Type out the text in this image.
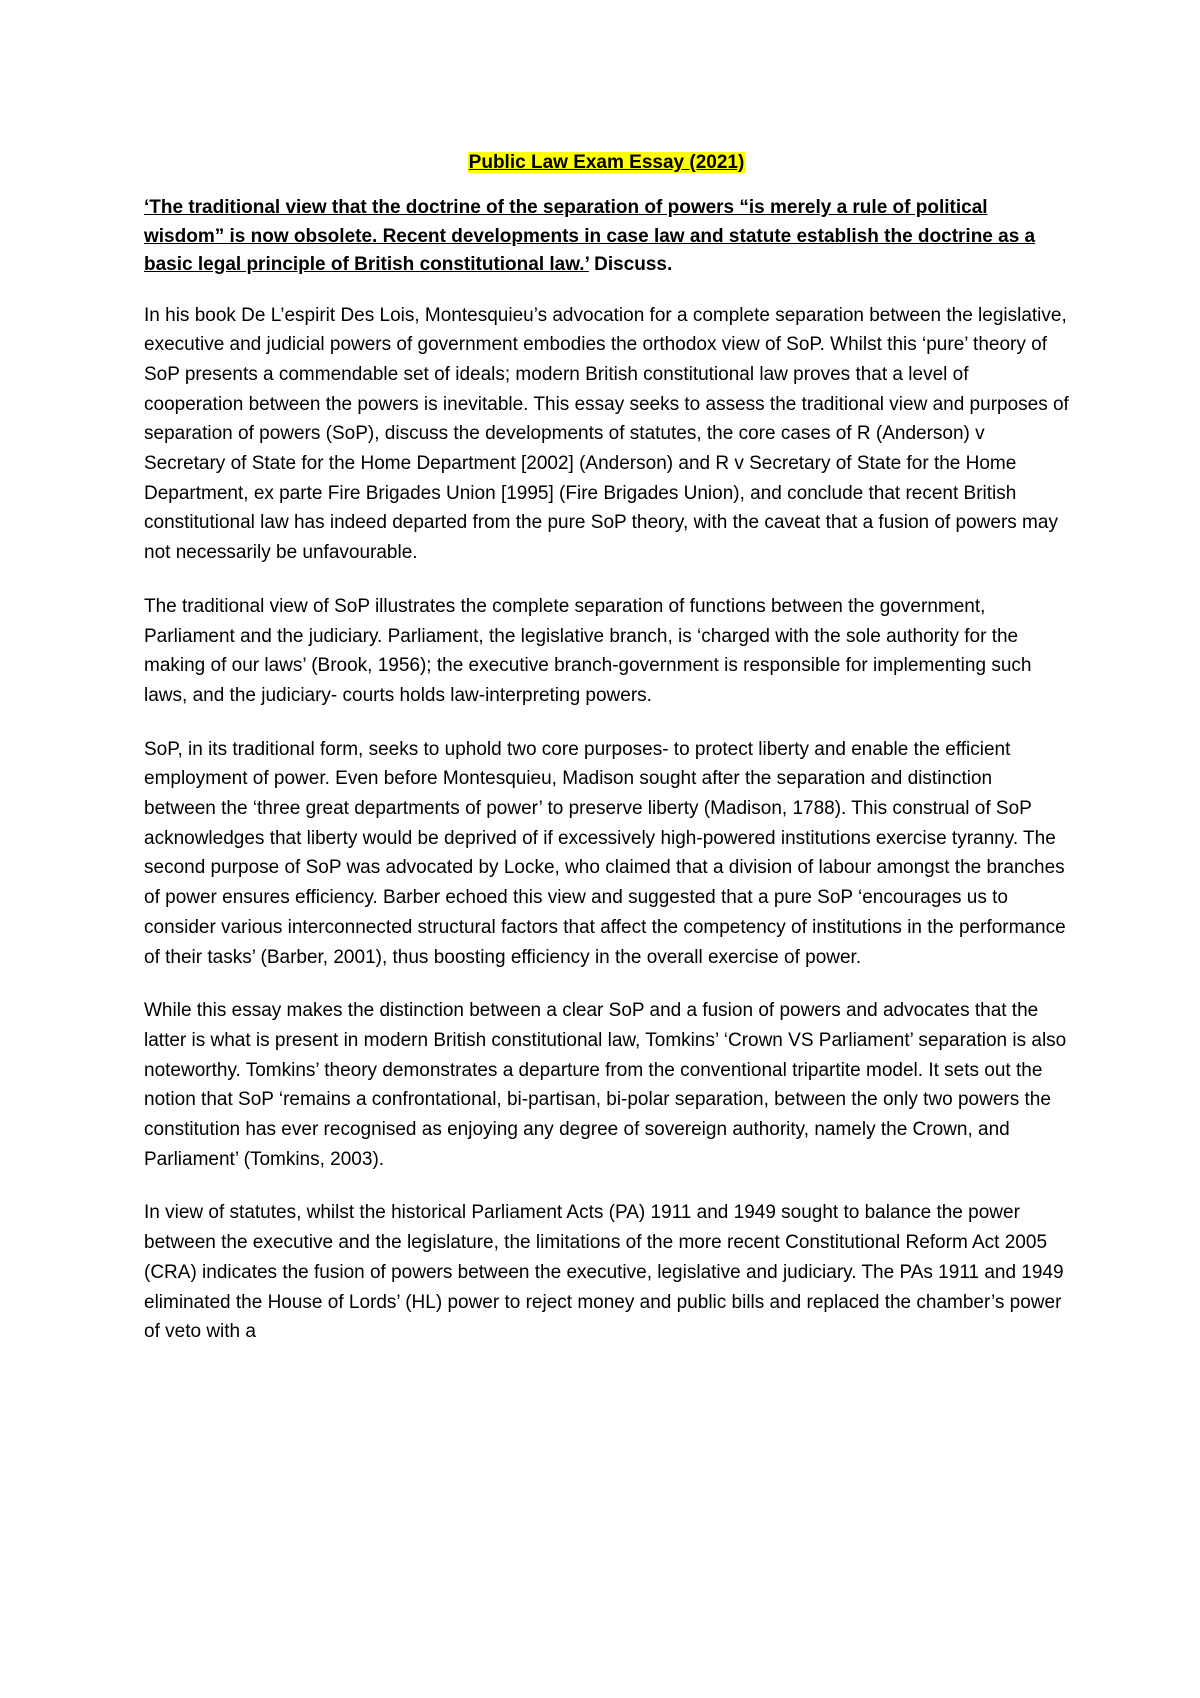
Public Law Exam Essay (2021)
‘The traditional view that the doctrine of the separation of powers “is merely a rule of political wisdom” is now obsolete. Recent developments in case law and statute establish the doctrine as a basic legal principle of British constitutional law.’ Discuss.

In his book De L’espirit Des Lois, Montesquieu’s advocation for a complete separation between the legislative, executive and judicial powers of government embodies the orthodox view of SoP. Whilst this ‘pure’ theory of SoP presents a commendable set of ideals; modern British constitutional law proves that a level of cooperation between the powers is inevitable. This essay seeks to assess the traditional view and purposes of separation of powers (SoP), discuss the developments of statutes, the core cases of R (Anderson) v Secretary of State for the Home Department [2002] (Anderson) and R v Secretary of State for the Home Department, ex parte Fire Brigades Union [1995] (Fire Brigades Union), and conclude that recent British constitutional law has indeed departed from the pure SoP theory, with the caveat that a fusion of powers may not necessarily be unfavourable.

The traditional view of SoP illustrates the complete separation of functions between the government, Parliament and the judiciary. Parliament, the legislative branch, is ‘charged with the sole authority for the making of our laws’ (Brook, 1956); the executive branch-government is responsible for implementing such laws, and the judiciary- courts holds law-interpreting powers.

SoP, in its traditional form, seeks to uphold two core purposes- to protect liberty and enable the efficient employment of power. Even before Montesquieu, Madison sought after the separation and distinction between the ‘three great departments of power’ to preserve liberty (Madison, 1788). This construal of SoP acknowledges that liberty would be deprived of if excessively high-powered institutions exercise tyranny. The second purpose of SoP was advocated by Locke, who claimed that a division of labour amongst the branches of power ensures efficiency. Barber echoed this view and suggested that a pure SoP ‘encourages us to consider various interconnected structural factors that affect the competency of institutions in the performance of their tasks’ (Barber, 2001), thus boosting efficiency in the overall exercise of power.

While this essay makes the distinction between a clear SoP and a fusion of powers and advocates that the latter is what is present in modern British constitutional law, Tomkins’ ‘Crown VS Parliament’ separation is also noteworthy. Tomkins’ theory demonstrates a departure from the conventional tripartite model. It sets out the notion that SoP ‘remains a confrontational, bi-partisan, bi-polar separation, between the only two powers the constitution has ever recognised as enjoying any degree of sovereign authority, namely the Crown, and Parliament’ (Tomkins, 2003).

In view of statutes, whilst the historical Parliament Acts (PA) 1911 and 1949 sought to balance the power between the executive and the legislature, the limitations of the more recent Constitutional Reform Act 2005 (CRA) indicates the fusion of powers between the executive, legislative and judiciary. The PAs 1911 and 1949 eliminated the House of Lords’ (HL) power to reject money and public bills and replaced the chamber’s power of veto with a
